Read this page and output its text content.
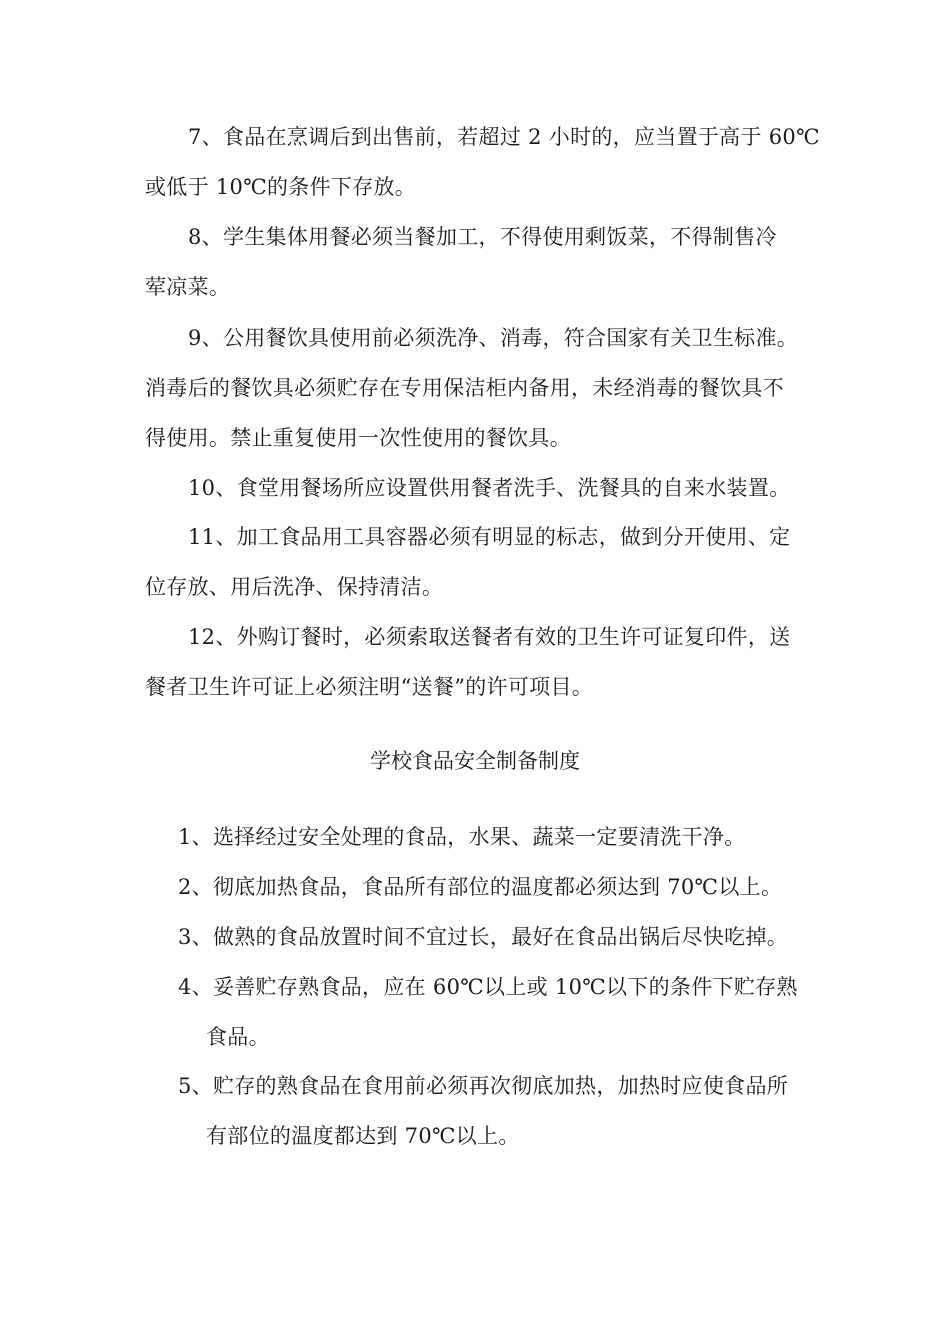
7、食品在烹调后到出售前，若超过 2 小时的，应当置于高于 60℃
或低于 10℃的条件下存放。
8、学生集体用餐必须当餐加工，不得使用剩饭菜，不得制售冷
荤凉菜。
9、公用餐饮具使用前必须洗净、消毒，符合国家有关卫生标准。
消毒后的餐饮具必须贮存在专用保洁柜内备用，未经消毒的餐饮具不
得使用。禁止重复使用一次性使用的餐饮具。
10、食堂用餐场所应设置供用餐者洗手、洗餐具的自来水装置。
11、加工食品用工具容器必须有明显的标志，做到分开使用、定
位存放、用后洗净、保持清洁。
12、外购订餐时，必须索取送餐者有效的卫生许可证复印件，送
餐者卫生许可证上必须注明“送餐”的许可项目。
学校食品安全制备制度
1、选择经过安全处理的食品，水果、蔬菜一定要清洗干净。
2、彻底加热食品，食品所有部位的温度都必须达到 70℃以上。
3、做熟的食品放置时间不宜过长，最好在食品出锅后尽快吃掉。
4、妥善贮存熟食品，应在 60℃以上或 10℃以下的条件下贮存熟
食品。
5、贮存的熟食品在食用前必须再次彻底加热，加热时应使食品所
有部位的温度都达到 70℃以上。
